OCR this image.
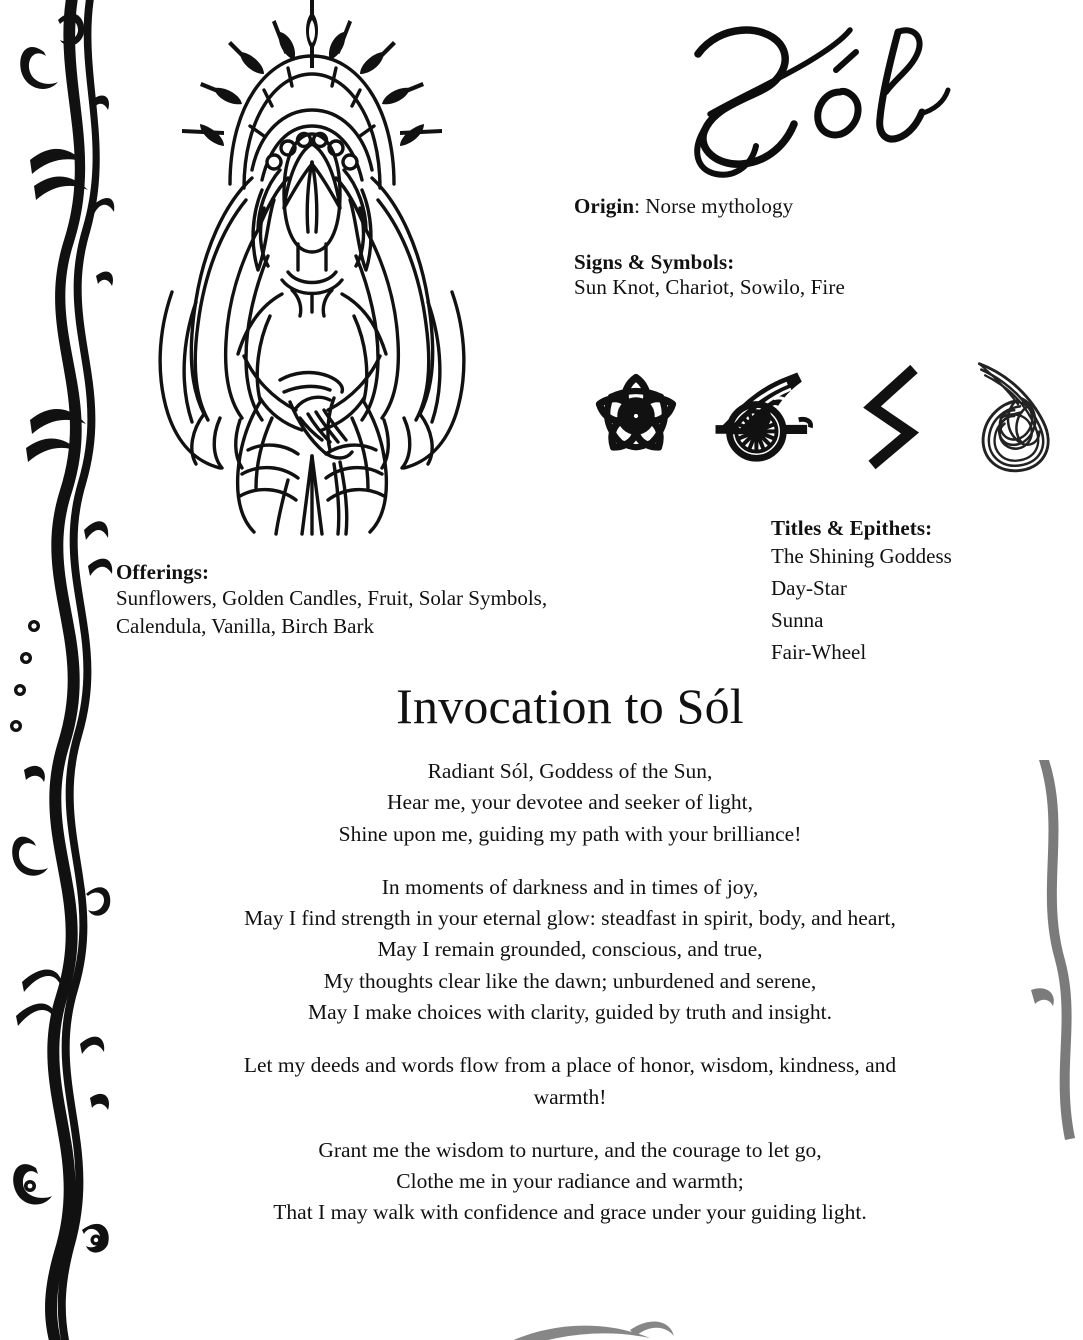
Origin: Norse mythology
Signs & Symbols:
Sun Knot, Chariot, Sowilo, Fire
Titles & Epithets:
The Shining Goddess
Day-Star
Sunna
Fair-Wheel
Offerings:
Sunflowers, Golden Candles, Fruit, Solar Symbols,
Calendula, Vanilla, Birch Bark
Invocation to Sól
Radiant Sól, Goddess of the Sun,
Hear me, your devotee and seeker of light,
Shine upon me, guiding my path with your brilliance!
In moments of darkness and in times of joy,
May I find strength in your eternal glow: steadfast in spirit, body, and heart,
May I remain grounded, conscious, and true,
My thoughts clear like the dawn; unburdened and serene,
May I make choices with clarity, guided by truth and insight.
Let my deeds and words flow from a place of honor, wisdom, kindness, and warmth!
Grant me the wisdom to nurture, and the courage to let go,
Clothe me in your radiance and warmth;
That I may walk with confidence and grace under your guiding light.
